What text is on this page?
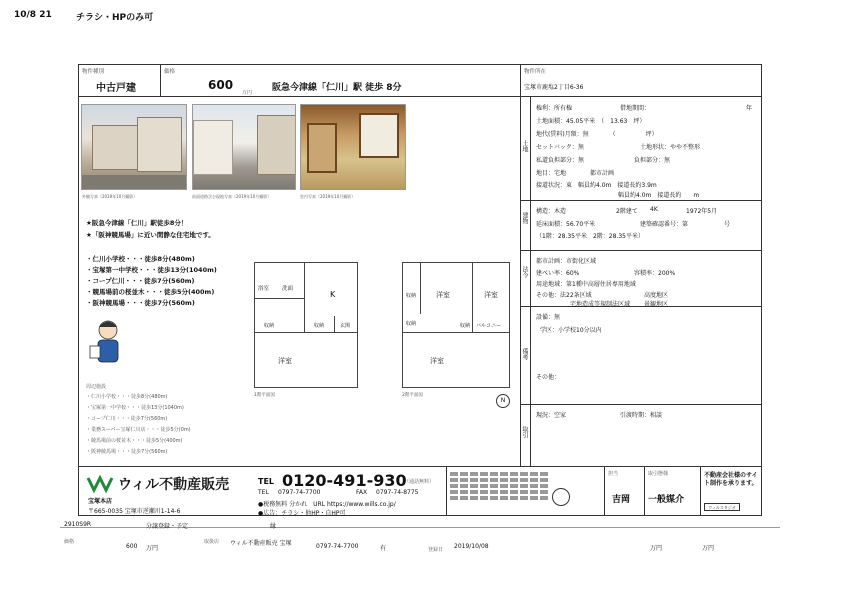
10/8 21	チラシ・HPのみ可
物件種別
中古戸建
価格
600
万円 阪急今津線「仁川」駅 徒歩 8分
物件所在
宝塚市鹿塩2丁目6-36
外観写真（2019年10月撮影）	前面道路含む現地写真（2019年10月撮影）	室内写真（2019年10月撮影）
★阪急今津線「仁川」駅徒歩8分！
★「阪神競馬場」に近い閑静な住宅地です。
・仁川小学校・・・徒歩8分(480m)
・宝塚第一中学校・・・徒歩13分(1040m)
・コープ仁川・・・徒歩7分(560m)
・競馬場前の桜並木・・・徒歩5分(400m)
・阪神競馬場・・・徒歩7分(560m)
周辺施設
・仁川小学校・・・徒歩8分(480m)
・宝塚第一中学校・・・徒歩13分(1040m)
・コープ仁川・・・徒歩7分(560m)
・業務スーパー宝塚仁川店・・・徒歩5分(0m)
・競馬場前の桜並木・・・徒歩5分(400m)
・阪神競馬場・・・徒歩7分(560m)
浴室 洗面
K
収納	玄関
洋室
収納
1階平面図
洋室	洋室
収納
収納
洋室
収納 バルコニー
2階平面図
N
土地
建物
法令
備考
取引
権利：所有権	借地期間：	年
土地面積：45.05平米　（　13.63　坪）
地代(賃料)月額：無　　　　（　　　　　坪）
セットバック：無	土地形状：やや不整形
私道負担部分：無	負担部分：無
地目：宅地	都市計画
接道状況：東　幅員約4.0m　接道長約3.9m
幅員約4.0m　接道長約　　m
構造：木造	2階建て 4K	1972年5月
延床面積：56.70平米	建築確認番号：第	号
（1階：28.35平米　2階：28.35平米）
都市計画：市街化区域
建ぺい率：60%	容積率：200%
用途地域：第1種中高層住居専用地域
その他：法22条区域	高度地区
宅地造成等規制法区域 景観地区
設備：無
学区：小学校10分以内
その他：
現況：空家	引渡時期：相談
ウィル不動産販売
宝塚本店
〒665-0035 宝塚市逆瀬川1-14-6
TEL 0120-491-930
（通話無料）
TEL 0797-74-7700	FAX 0797-74-8775
●税務無料 分かれ　URL https://www.wills.co.jp/
●広告：チラシ・他HP・自HP可
担当
吉岡
取引態様
一般媒介
不動産会社様のサイト制作を承ります。
ウィルスタジオ
2910S9R	分譲登録・予定	縁
価格
600 万円
取扱店 ウィル不動産販売 宝塚	0797-74-7700	有	登録日 2019/10/08	万円	万円
